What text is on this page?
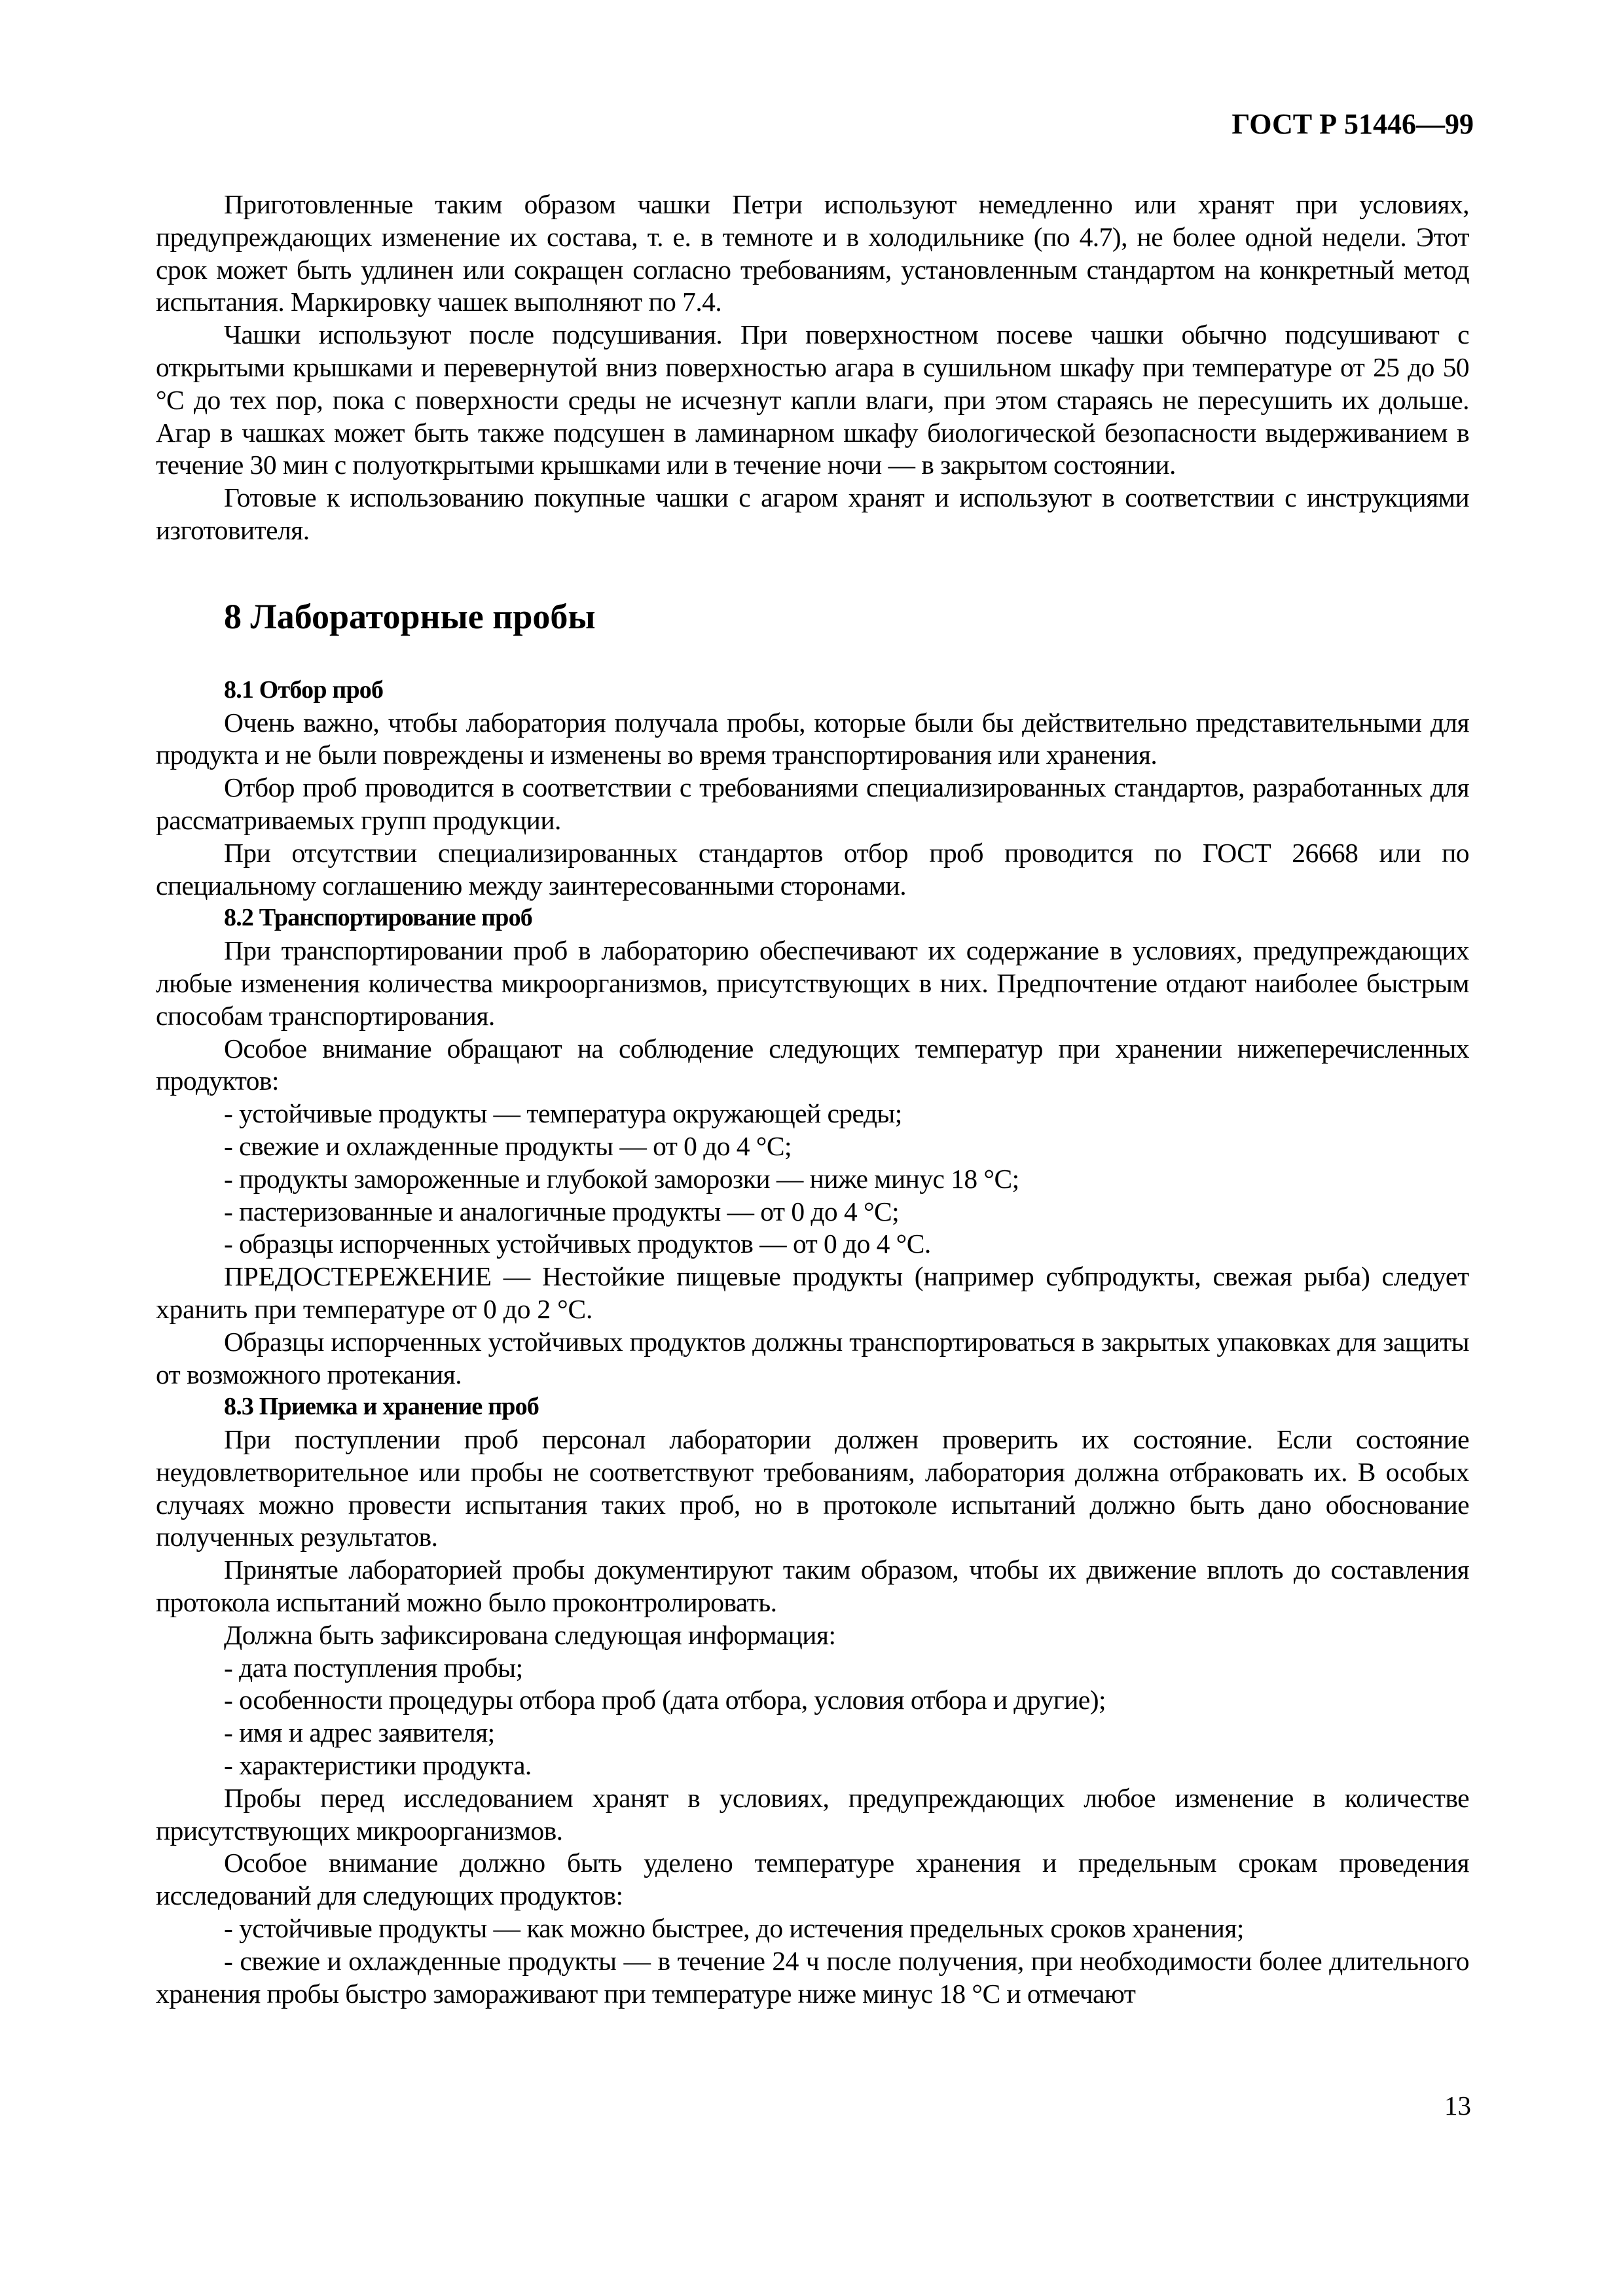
ГОСТ Р 51446—99

Приготовленные таким образом чашки Петри используют немедленно или хранят при условиях, предупреждающих изменение их состава, т. е. в темноте и в холодильнике (по 4.7), не более одной недели. Этот срок может быть удлинен или сокращен согласно требованиям, установленным стандартом на конкретный метод испытания. Маркировку чашек выполняют по 7.4.

Чашки используют после подсушивания. При поверхностном посеве чашки обычно подсушивают с открытыми крышками и перевернутой вниз поверхностью агара в сушильном шкафу при температуре от 25 до 50 °С до тех пор, пока с поверхности среды не исчезнут капли влаги, при этом стараясь не пересушить их дольше. Агар в чашках может быть также подсушен в ламинарном шкафу биологической безопасности выдерживанием в течение 30 мин с полуоткрытыми крышками или в течение ночи — в закрытом состоянии.

Готовые к использованию покупные чашки с агаром хранят и используют в соответствии с инструкциями изготовителя.

8 Лабораторные пробы
8.1 Отбор проб

Очень важно, чтобы лаборатория получала пробы, которые были бы действительно представительными для продукта и не были повреждены и изменены во время транспортирования или хранения.

Отбор проб проводится в соответствии с требованиями специализированных стандартов, разработанных для рассматриваемых групп продукции.

При отсутствии специализированных стандартов отбор проб проводится по ГОСТ 26668 или по специальному соглашению между заинтересованными сторонами.

8.2 Транспортирование проб

При транспортировании проб в лабораторию обеспечивают их содержание в условиях, предупреждающих любые изменения количества микроорганизмов, присутствующих в них. Предпочтение отдают наиболее быстрым способам транспортирования.

Особое внимание обращают на соблюдение следующих температур при хранении нижеперечисленных продуктов:

- устойчивые продукты — температура окружающей среды;

- свежие и охлажденные продукты — от 0 до 4 °С;

- продукты замороженные и глубокой заморозки — ниже минус 18 °С;

- пастеризованные и аналогичные продукты — от 0 до 4 °С;

- образцы испорченных устойчивых продуктов — от 0 до 4 °С.

ПРЕДОСТЕРЕЖЕНИЕ — Нестойкие пищевые продукты (например субпродукты, свежая рыба) следует хранить при температуре от 0 до 2 °С.

Образцы испорченных устойчивых продуктов должны транспортироваться в закрытых упаковках для защиты от возможного протекания.

8.3 Приемка и хранение проб

При поступлении проб персонал лаборатории должен проверить их состояние. Если состояние неудовлетворительное или пробы не соответствуют требованиям, лаборатория должна отбраковать их. В особых случаях можно провести испытания таких проб, но в протоколе испытаний должно быть дано обоснование полученных результатов.

Принятые лабораторией пробы документируют таким образом, чтобы их движение вплоть до составления протокола испытаний можно было проконтролировать.

Должна быть зафиксирована следующая информация:

- дата поступления пробы;

- особенности процедуры отбора проб (дата отбора, условия отбора и другие);

- имя и адрес заявителя;

- характеристики продукта.

Пробы перед исследованием хранят в условиях, предупреждающих любое изменение в количестве присутствующих микроорганизмов.

Особое внимание должно быть уделено температуре хранения и предельным срокам проведения исследований для следующих продуктов:

- устойчивые продукты — как можно быстрее, до истечения предельных сроков хранения;

- свежие и охлажденные продукты — в течение 24 ч после получения, при необходимости более длительного хранения пробы быстро замораживают при температуре ниже минус 18 °С и отмечают

13
